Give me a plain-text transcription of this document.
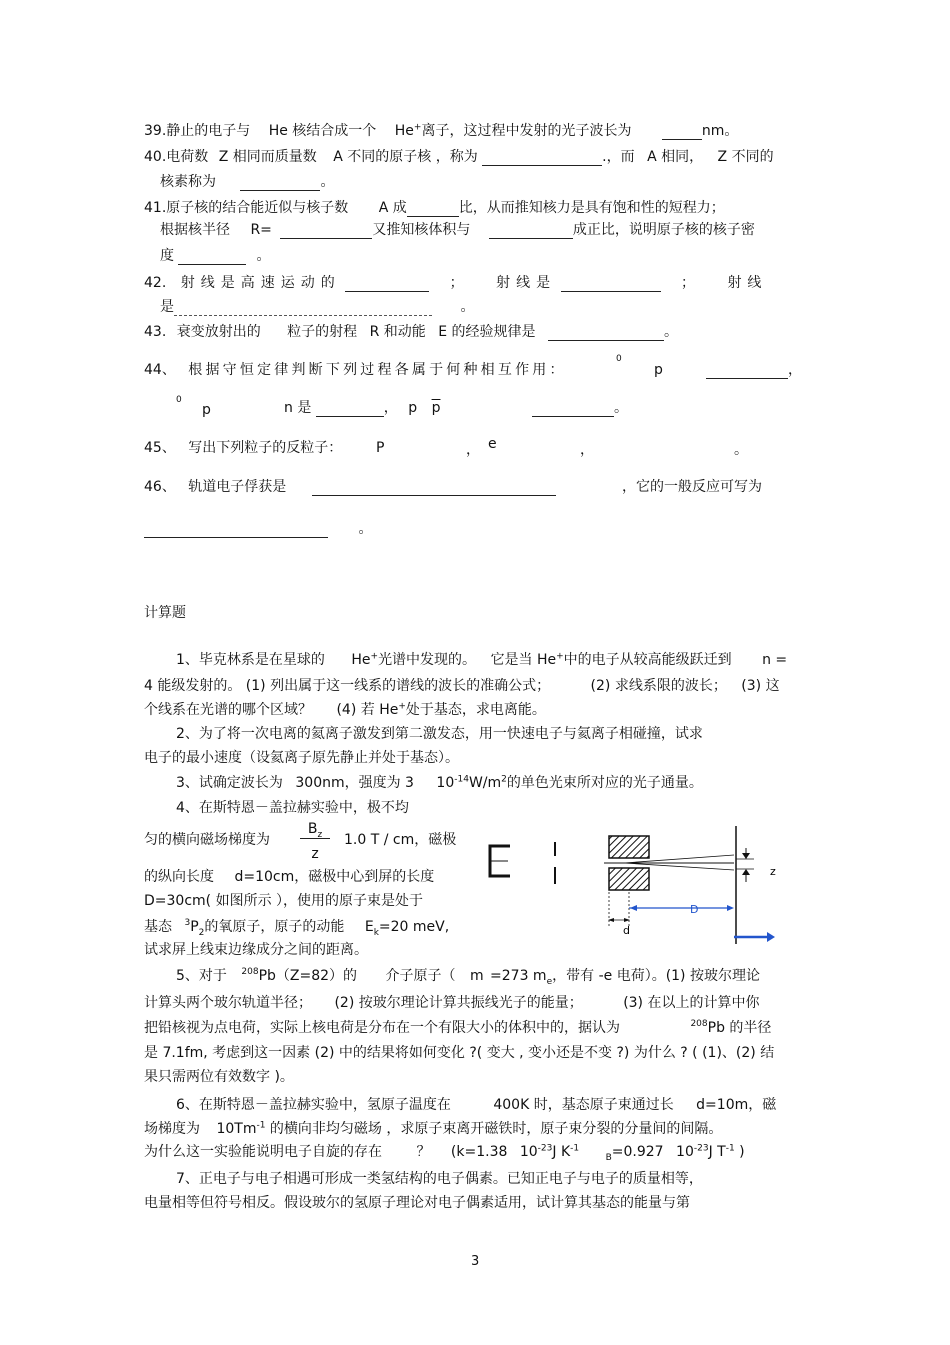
39.静止的电子与 He 核结合成一个 He+离子，这过程中发射的光子波长为	nm。
40.电荷数 Z 相同而质量数 A 不同的原子核 ，称为	.，而 A 相同， Z 不同的
核素称为	。
41.原子核的结合能近似与核子数 A 成	比，从而推知核力是具有饱和性的短程力；
根据核半径 R=	又推知核体积与	成正比，说明原子核的核子密
度	。
42. 射线是高速运动的	； 射线是	； 射线
是	。
43. 衰变放射出的 粒子的射程 R 和动能 E 的经验规律是	。
44、 根据守恒定律判断下列过程各属于何种相互作用：
0
p	，
0
p	n 是	， p $\overline{p}$	。
45、 写出下列粒子的反粒子： P	， e	，	。
46、 轨道电子俘获是	，它的一般反应可写为
。
计算题
1、毕克林系是在星球的 He+光谱中发现的。 它是当 He+中的电子从较高能级跃迁到 n =
4 能级发射的。 (1) 列出属于这一线系的谱线的波长的准确公式；	(2) 求线系限的波长； (3) 这
个线系在光谱的哪个区域？ (4) 若 He+处于基态，求电离能。
2、为了将一次电离的氦离子激发到第二激发态，用一快速电子与氦离子相碰撞，试求
电子的最小速度（设氦离子原先静止并处于基态）。
3、试确定波长为 300nm，强度为 3 $10^{-14}W/m^2$的单色光束所对应的光子通量。
4、在斯特恩－盖拉赫实验中，极不均
匀的横向磁场梯度为
$B_z$
z
1.0 T / cm，磁极
的纵向长度 d=10cm，磁极中心到屏的长度
D=30cm( 如图所示 ），使用的原子束是处于
基态 $^3P_2$的氧原子，原子的动能 $E_k=20$ meV,
试求屏上线束边缘成分之间的距离。
z
D
d
5、对于 $^{208}$Pb（Z=82）的 介子原子（ m =273 $m_e$，带有 -e 电荷）。(1) 按玻尔理论
计算头两个玻尔轨道半径； (2) 按玻尔理论计算共振线光子的能量；	(3) 在以上的计算中你
把铅核视为点电荷，实际上核电荷是分布在一个有限大小的体积中的，据认为	$^{208}$Pb 的半径
是 7.1fm, 考虑到这一因素 (2) 中的结果将如何变化 ?( 变大 , 变小还是不变 ?) 为什么 ? ( (1)、(2) 结
果只需两位有效数字 )。
6、在斯特恩－盖拉赫实验中，氢原子温度在	400K 时，基态原子束通过长 d=10m，磁
场梯度为 $10Tm^{-1}$ 的横向非均匀磁场 ，求原子束离开磁铁时，原子束分裂的分量间的间隔。
为什么这一实验能说明电子自旋的存在 ？ (k=1.38 $10^{-23}J$ $K^{-1}$ $_B$=0.927 $10^{-23}J$ $T^{-1}$ )
7、正电子与电子相遇可形成一类氢结构的电子偶素。已知正电子与电子的质量相等，
电量相等但符号相反。假设玻尔的氢原子理论对电子偶素适用，试计算其基态的能量与第
3
